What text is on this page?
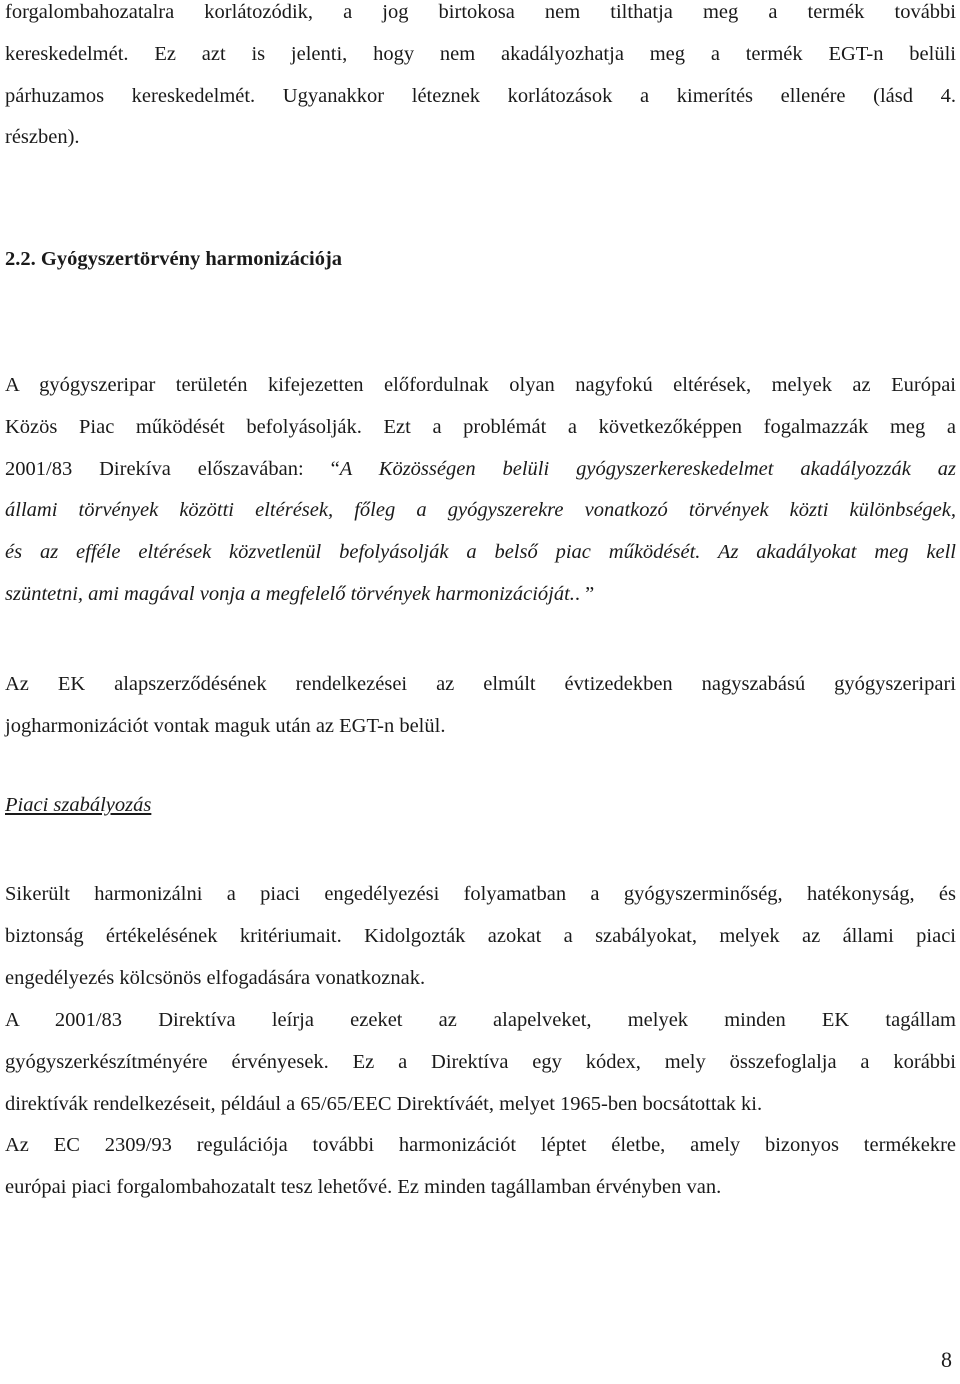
forgalombahozatalra korlátozódik, a jog birtokosa nem tilthatja meg a termék további
kereskedelmét. Ez azt is jelenti, hogy nem akadályozhatja meg a termék EGT-n belüli
párhuzamos kereskedelmét. Ugyanakkor léteznek korlátozások a kimerítés ellenére (lásd 4.
részben).
2.2. Gyógyszertörvény harmonizációja
A gyógyszeripar területén kifejezetten előfordulnak olyan nagyfokú eltérések, melyek az Európai
Közös Piac működését befolyásolják. Ezt a problémát a következőképpen fogalmazzák meg a
2001/83 Direkíva előszavában: “A Közösségen belüli gyógyszerkereskedelmet akadályozzák az
állami törvények közötti eltérések, főleg a gyógyszerekre vonatkozó törvények közti különbségek,
és az efféle eltérések közvetlenül befolyásolják a belső piac működését. Az akadályokat meg kell
szüntetni, ami magával vonja a megfelelő törvények harmonizációját.. ”
Az EK alapszerződésének rendelkezései az elmúlt évtizedekben nagyszabású gyógyszeripari
jogharmonizációt vontak maguk után az EGT-n belül.
Piaci szabályozás
Sikerült harmonizálni a piaci engedélyezési folyamatban a gyógyszerminőség, hatékonyság, és
biztonság értékelésének kritériumait. Kidolgozták azokat a szabályokat, melyek az állami piaci
engedélyezés kölcsönös elfogadására vonatkoznak.
A 2001/83 Direktíva leírja ezeket az alapelveket, melyek minden EK tagállam
gyógyszerkészítményére érvényesek. Ez a Direktíva egy kódex, mely összefoglalja a korábbi
direktívák rendelkezéseit, például a 65/65/EEC Direktíváét, melyet 1965-ben bocsátottak ki.
Az EC 2309/93 regulációja további harmonizációt léptet életbe, amely bizonyos termékekre
európai piaci forgalombahozatalt tesz lehetővé. Ez minden tagállamban érvényben van.
8
